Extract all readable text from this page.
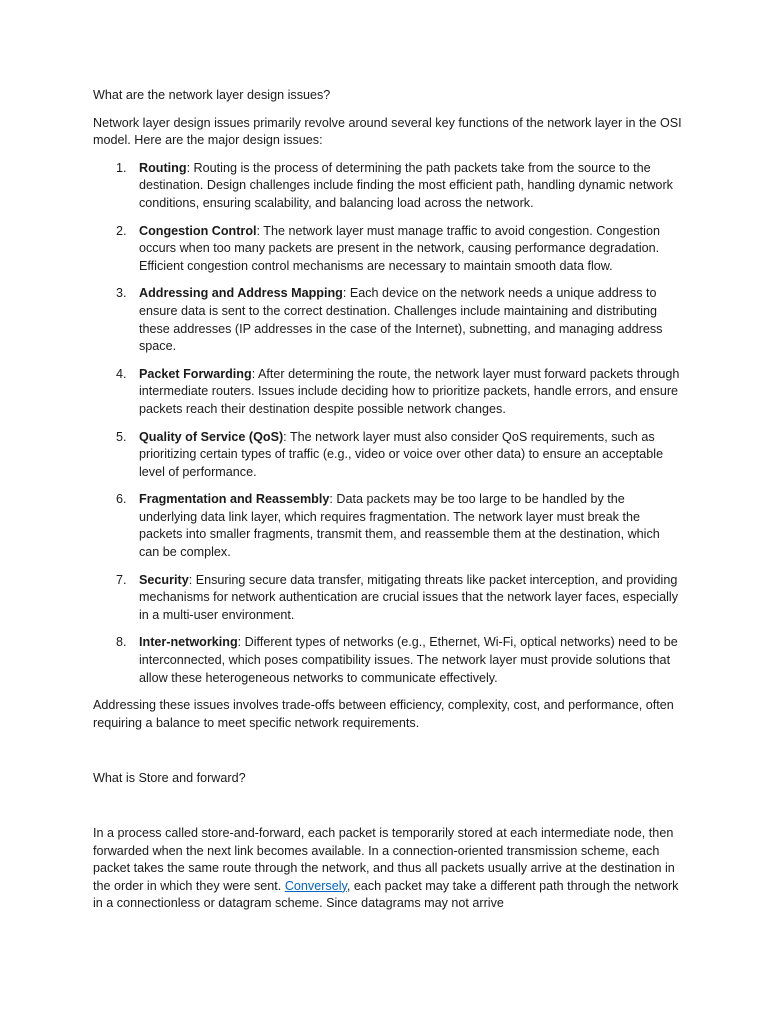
What are the network layer design issues?

Network layer design issues primarily revolve around several key functions of the network layer in the OSI model. Here are the major design issues:

1. Routing: Routing is the process of determining the path packets take from the source to the destination. Design challenges include finding the most efficient path, handling dynamic network conditions, ensuring scalability, and balancing load across the network.
2. Congestion Control: The network layer must manage traffic to avoid congestion. Congestion occurs when too many packets are present in the network, causing performance degradation. Efficient congestion control mechanisms are necessary to maintain smooth data flow.
3. Addressing and Address Mapping: Each device on the network needs a unique address to ensure data is sent to the correct destination. Challenges include maintaining and distributing these addresses (IP addresses in the case of the Internet), subnetting, and managing address space.
4. Packet Forwarding: After determining the route, the network layer must forward packets through intermediate routers. Issues include deciding how to prioritize packets, handle errors, and ensure packets reach their destination despite possible network changes.
5. Quality of Service (QoS): The network layer must also consider QoS requirements, such as prioritizing certain types of traffic (e.g., video or voice over other data) to ensure an acceptable level of performance.
6. Fragmentation and Reassembly: Data packets may be too large to be handled by the underlying data link layer, which requires fragmentation. The network layer must break the packets into smaller fragments, transmit them, and reassemble them at the destination, which can be complex.
7. Security: Ensuring secure data transfer, mitigating threats like packet interception, and providing mechanisms for network authentication are crucial issues that the network layer faces, especially in a multi-user environment.
8. Inter-networking: Different types of networks (e.g., Ethernet, Wi-Fi, optical networks) need to be interconnected, which poses compatibility issues. The network layer must provide solutions that allow these heterogeneous networks to communicate effectively.

Addressing these issues involves trade-offs between efficiency, complexity, cost, and performance, often requiring a balance to meet specific network requirements.

What is Store and forward?

In a process called store-and-forward, each packet is temporarily stored at each intermediate node, then forwarded when the next link becomes available. In a connection-oriented transmission scheme, each packet takes the same route through the network, and thus all packets usually arrive at the destination in the order in which they were sent. Conversely, each packet may take a different path through the network in a connectionless or datagram scheme. Since datagrams may not arrive
